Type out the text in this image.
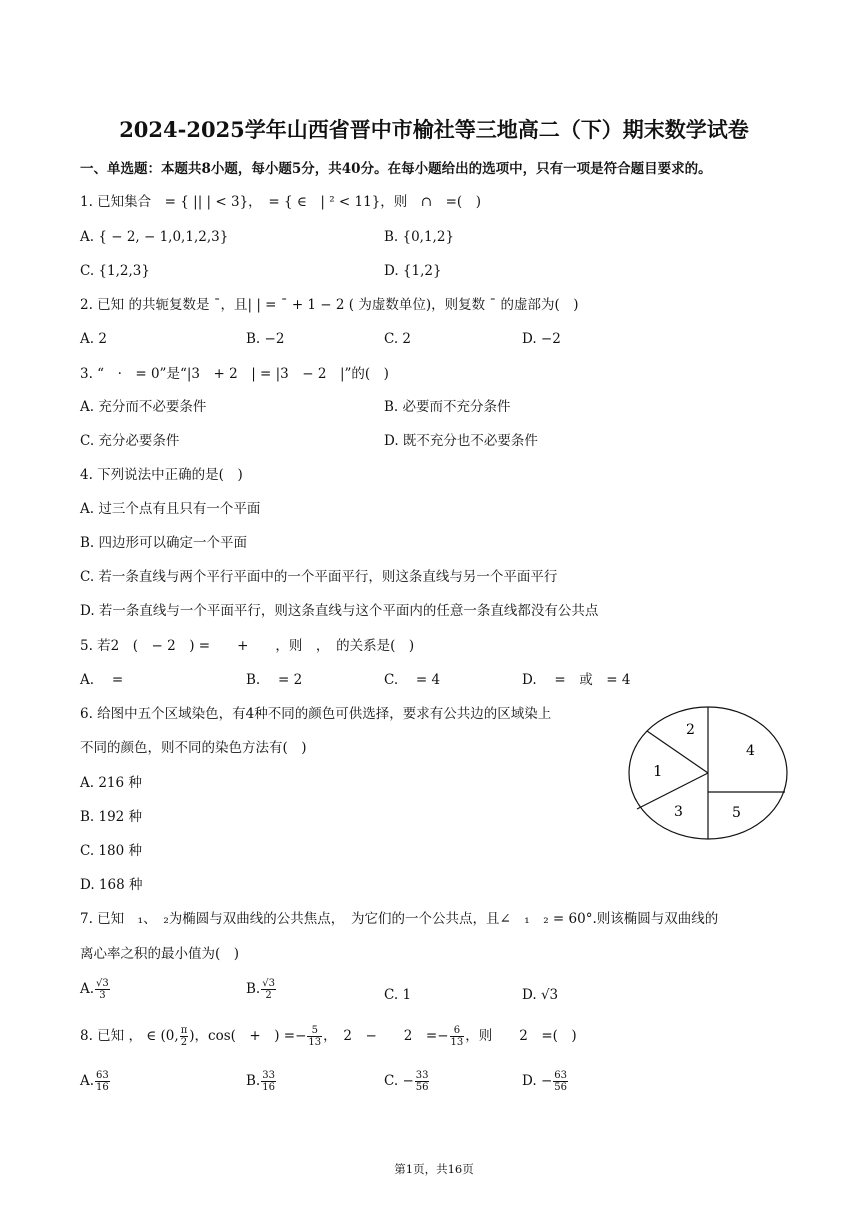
2024-2025学年山西省晋中市榆社等三地高二（下）期末数学试卷
一、单选题：本题共8小题，每小题5分，共40分。在每小题给出的选项中，只有一项是符合题目要求的。
1. 已知集合　= { || | < 3}，　= { ∈　| ² < 11}，则　∩　=(　)
A. { − 2, − 1,0,1,2,3}	B. {0,1,2}
C. {1,2,3}	D. {1,2}
2. 已知 的共轭复数是 ¯，且| | = ¯ + 1 − 2 ( 为虚数单位)，则复数 ¯ 的虚部为(　)
A. 2	B. −2	C. 2	D. −2
3. “　·　= 0”是“|3　+ 2　| = |3　− 2　|”的(　)
A. 充分而不必要条件	B. 必要而不充分条件
C. 充分必要条件	D. 既不充分也不必要条件
4. 下列说法中正确的是(　)
A. 过三个点有且只有一个平面
B. 四边形可以确定一个平面
C. 若一条直线与两个平行平面中的一个平面平行，则这条直线与另一个平面平行
D. 若一条直线与一个平面平行，则这条直线与这个平面内的任意一条直线都没有公共点
5. 若2　(　− 2　) =　　+　　，则　，　的关系是(　)
A. 　=	B. 　= 2	C. 　= 4	D. 　=　或　= 4
6. 给图中五个区域染色，有4种不同的颜色可供选择，要求有公共边的区域染上
不同的颜色，则不同的染色方法有(　)
A. 216 种
B. 192 种
C. 180 种
D. 168 种
1
2
3
4
5
7. 已知　₁、　₂为椭圆与双曲线的公共焦点，　为它们的一个公共点，且∠　₁　₂ = 60°.则该椭圆与双曲线的
离心率之积的最小值为(　)
A. $\frac{√3}{3}$	B. $\frac{√3}{2}$	C. 1	D. √3
8. 已知 ， ∈ (0, $\frac{\pi}{2}$ )，cos(　+　) =− $\frac{5}{13}$ ，　2　−　　2　=− $\frac{6}{13}$ ，则　　2　=(　)
A. $\frac{63}{16}$	B. $\frac{33}{16}$	C. − $\frac{33}{56}$	D. − $\frac{63}{56}$
第1页，共16页
